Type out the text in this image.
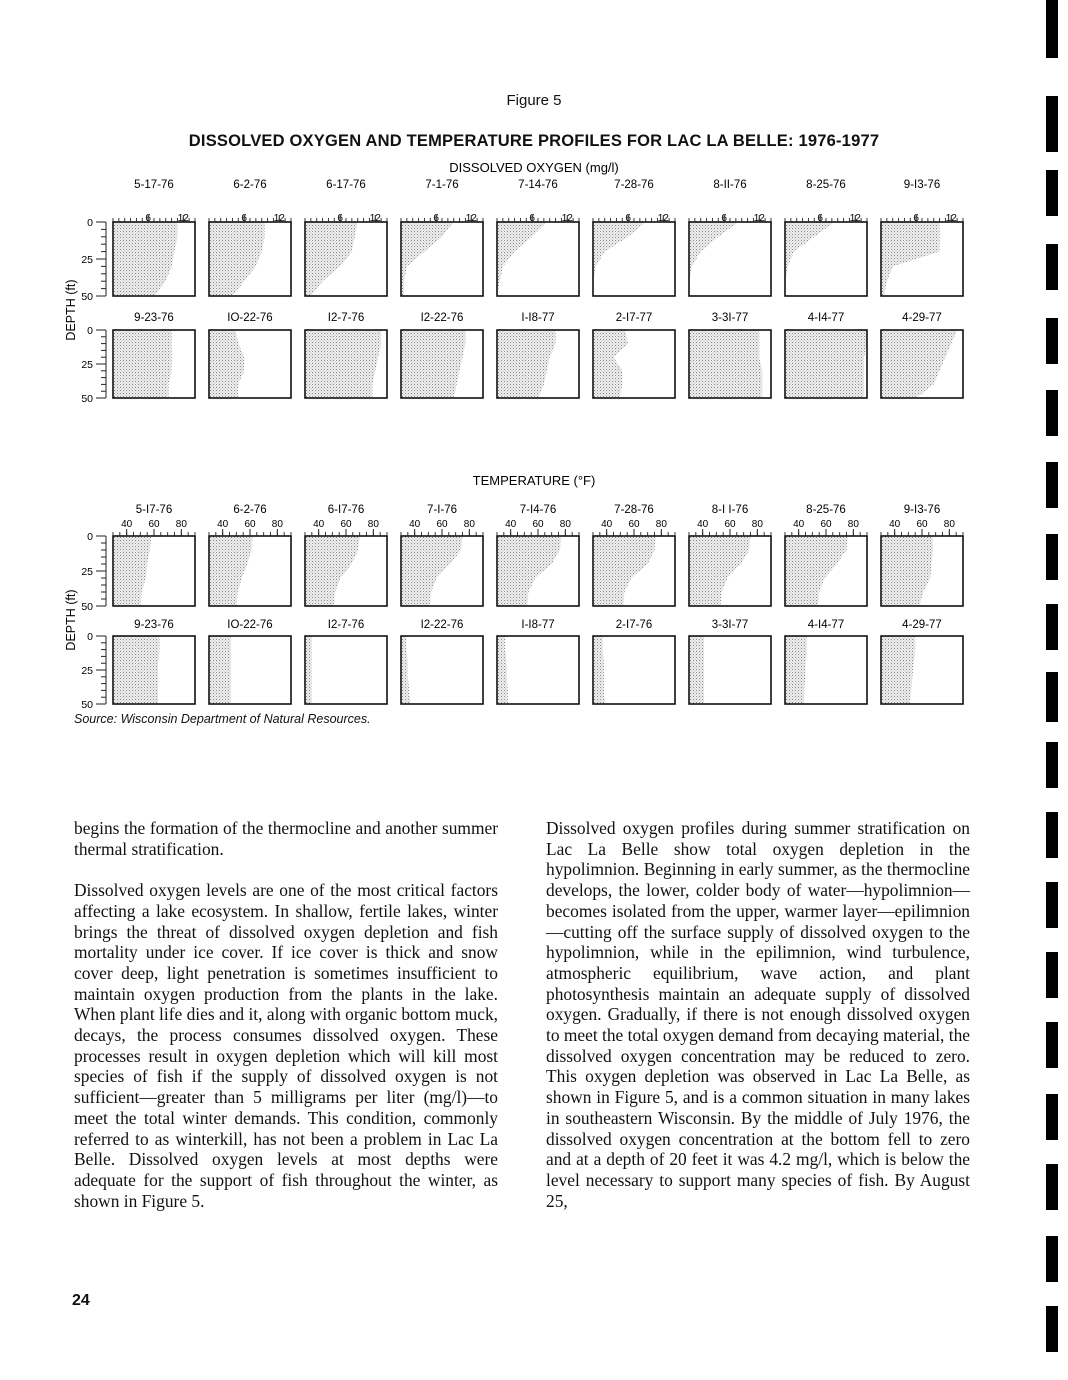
Figure 5
DISSOLVED OXYGEN AND TEMPERATURE PROFILES FOR LAC LA BELLE: 1976-1977
DISSOLVED OXYGEN (mg/l)
DEPTH (ft)
0
25
50
5-17-76
6	12
6-2-76
6	12
6-17-76
6	12
7-1-76
6	12
7-14-76
6	12
7-28-76
6	12
8-II-76
6	12
8-25-76
6	12
9-I3-76
6	12
0
25
50
9-23-76	IO-22-76	I2-7-76	I2-22-76	I-I8-77	2-I7-77	3-3I-77	4-I4-77	4-29-77
TEMPERATURE (°F)
DEPTH (ft)
0
25
50
5-I7-76
40 60 80
6-2-76
40 60 80
6-I7-76
40 60 80
7-I-76
40 60 80
7-I4-76
40 60 80
7-28-76
40 60 80
8-I I-76
40 60 80
8-25-76
40 60 80
9-I3-76
40 60 80
0
25
50
9-23-76	IO-22-76	I2-7-76	I2-22-76	I-I8-77	2-I7-76	3-3I-77	4-I4-77	4-29-77
Source: Wisconsin Department of Natural Resources.

begins the formation of the thermocline and another summer thermal stratification.

Dissolved oxygen levels are one of the most critical factors affecting a lake ecosystem. In shallow, fertile lakes, winter brings the threat of dissolved oxygen depletion and fish mortality under ice cover. If ice cover is thick and snow cover deep, light penetration is sometimes insufficient to maintain oxygen production from the plants in the lake. When plant life dies and it, along with organic bottom muck, decays, the process consumes dissolved oxygen. These processes result in oxygen depletion which will kill most species of fish if the supply of dissolved oxygen is not sufficient—greater than 5 milligrams per liter (mg/l)—to meet the total winter demands. This condition, commonly referred to as winterkill, has not been a problem in Lac La Belle. Dissolved oxygen levels at most depths were adequate for the support of fish throughout the winter, as shown in Figure 5.

Dissolved oxygen profiles during summer stratification on Lac La Belle show total oxygen depletion in the hypolimnion. Beginning in early summer, as the thermocline develops, the lower, colder body of water—hypolimnion—becomes isolated from the upper, warmer layer—epilimnion—cutting off the surface supply of dissolved oxygen to the hypolimnion, while in the epilimnion, wind turbulence, atmospheric equilibrium, wave action, and plant photosynthesis maintain an adequate supply of dissolved oxygen. Gradually, if there is not enough dissolved oxygen to meet the total oxygen demand from decaying material, the dissolved oxygen concentration may be reduced to zero. This oxygen depletion was observed in Lac La Belle, as shown in Figure 5, and is a common situation in many lakes in southeastern Wisconsin. By the middle of July 1976, the dissolved oxygen concentration at the bottom fell to zero and at a depth of 20 feet it was 4.2 mg/l, which is below the level necessary to support many species of fish. By August 25,

24
